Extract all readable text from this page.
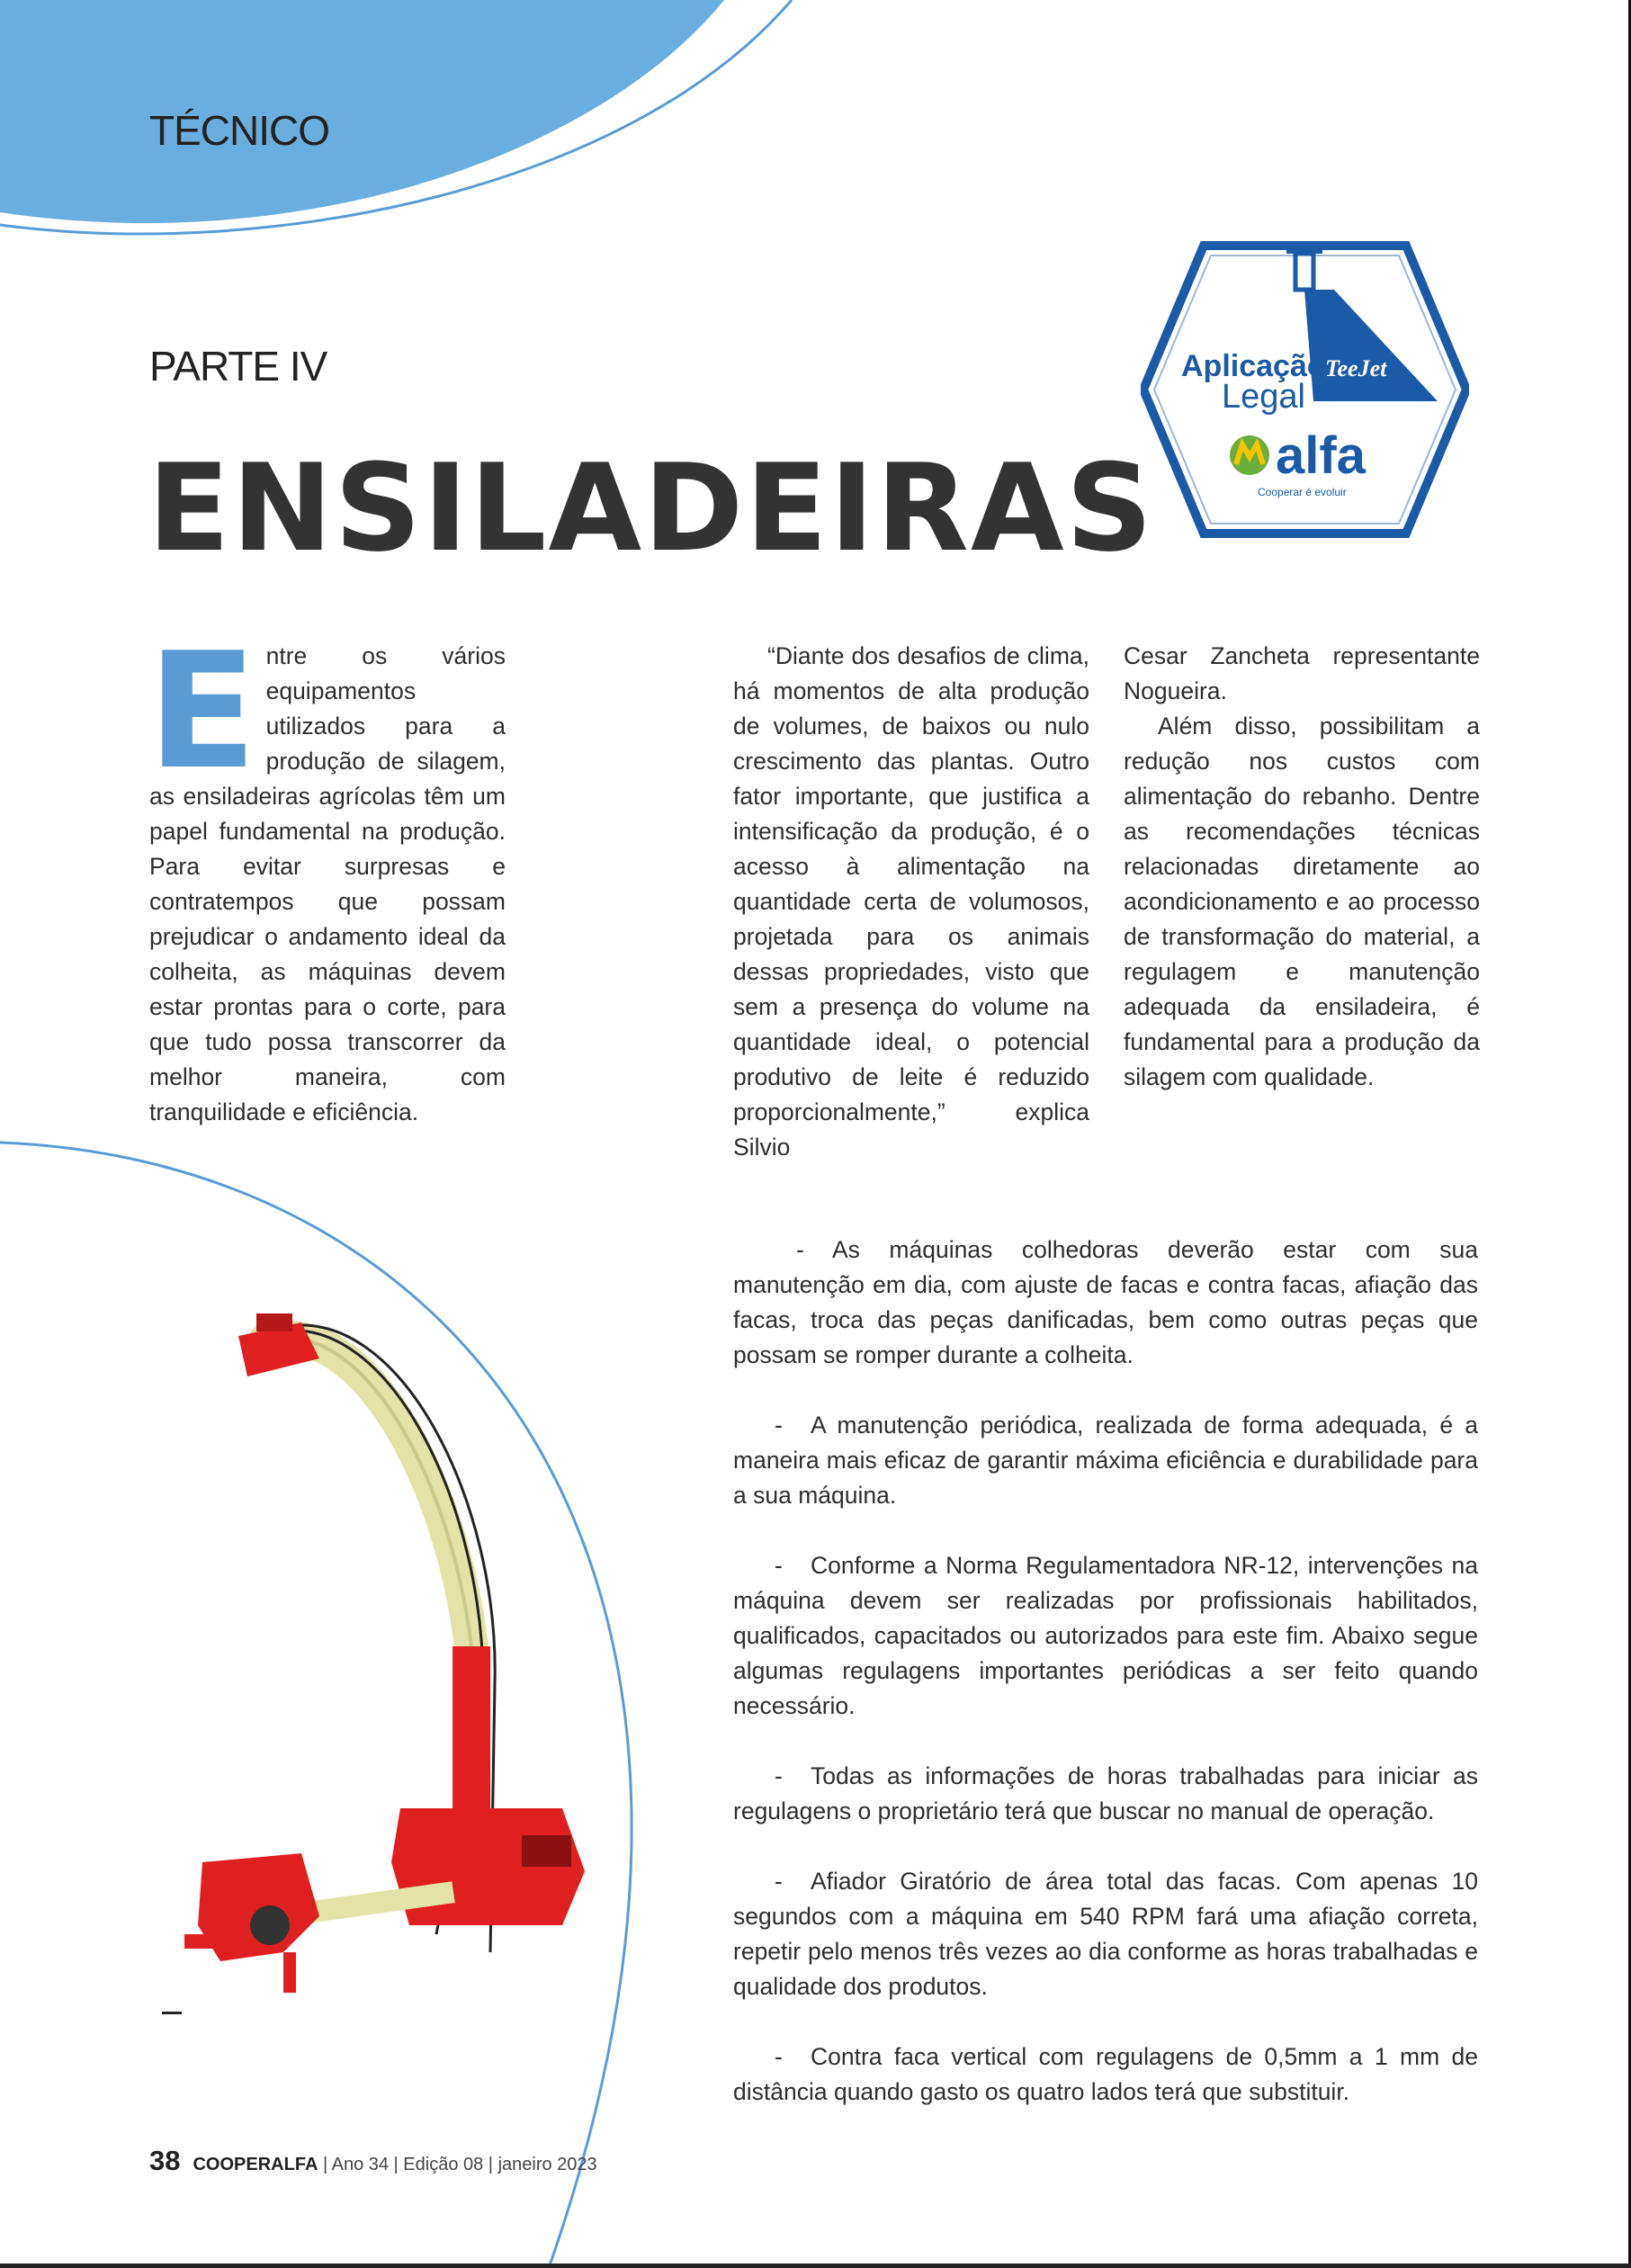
TÉCNICO
PARTE IV
ENSILADEIRAS
Aplicação
Legal
TeeJet
alfa
Cooperar é evoluir
E ntre os vários equipamentos utilizados para a produção de silagem, as ensiladeiras agrícolas têm um papel fundamental na produção. Para evitar surpresas e contratempos que possam prejudicar o andamento ideal da colheita, as máquinas devem estar prontas para o corte, para que tudo possa transcorrer da melhor maneira, com tranquilidade e eficiência.

“Diante dos desafios de clima, há momentos de alta produção de volumes, de baixos ou nulo crescimento das plantas. Outro fator importante, que justifica a intensificação da produção, é o acesso à alimentação na quantidade certa de volumosos, projetada para os animais dessas propriedades, visto que sem a presença do volume na quantidade ideal, o potencial produtivo de leite é reduzido proporcionalmente,” explica Silvio

Cesar Zancheta representante Nogueira.

Além disso, possibilitam a redução nos custos com alimentação do rebanho. Dentre as recomendações técnicas relacionadas diretamente ao acondicionamento e ao processo de transformação do material, a regulagem e manutenção adequada da ensiladeira, é fundamental para a produção da silagem com qualidade.

- As máquinas colhedoras deverão estar com sua manutenção em dia, com ajuste de facas e contra facas, afiação das facas, troca das peças danificadas, bem como outras peças que possam se romper durante a colheita.

- A manutenção periódica, realizada de forma adequada, é a maneira mais eficaz de garantir máxima eficiência e durabilidade para a sua máquina.

- Conforme a Norma Regulamentadora NR-12, intervenções na máquina devem ser realizadas por profissionais habilitados, qualificados, capacitados ou autorizados para este fim. Abaixo segue algumas regulagens importantes periódicas a ser feito quando necessário.

- Todas as informações de horas trabalhadas para iniciar as regulagens o proprietário terá que buscar no manual de operação.

- Afiador Giratório de área total das facas. Com apenas 10 segundos com a máquina em 540 RPM fará uma afiação correta, repetir pelo menos três vezes ao dia conforme as horas trabalhadas e qualidade dos produtos.

- Contra faca vertical com regulagens de 0,5mm a 1 mm de distância quando gasto os quatro lados terá que substituir.

38 COOPERALFA | Ano 34 | Edição 08 | janeiro 2023
